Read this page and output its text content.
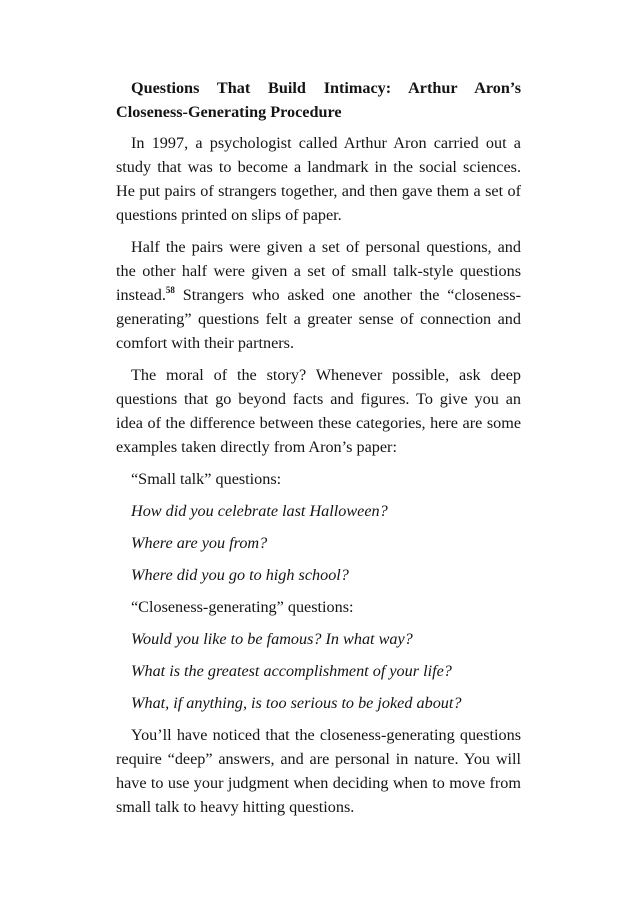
Questions That Build Intimacy: Arthur Aron’s Closeness-Generating Procedure

In 1997, a psychologist called Arthur Aron carried out a study that was to become a landmark in the social sciences. He put pairs of strangers together, and then gave them a set of questions printed on slips of paper.

Half the pairs were given a set of personal questions, and the other half were given a set of small talk-style questions instead.$^{58}$ Strangers who asked one another the “closeness-generating” questions felt a greater sense of connection and comfort with their partners.

The moral of the story? Whenever possible, ask deep questions that go beyond facts and figures. To give you an idea of the difference between these categories, here are some examples taken directly from Aron’s paper:

“Small talk” questions:

How did you celebrate last Halloween?

Where are you from?

Where did you go to high school?

“Closeness-generating” questions:

Would you like to be famous? In what way?

What is the greatest accomplishment of your life?

What, if anything, is too serious to be joked about?

You’ll have noticed that the closeness-generating questions require “deep” answers, and are personal in nature. You will have to use your judgment when deciding when to move from small talk to heavy hitting questions.
